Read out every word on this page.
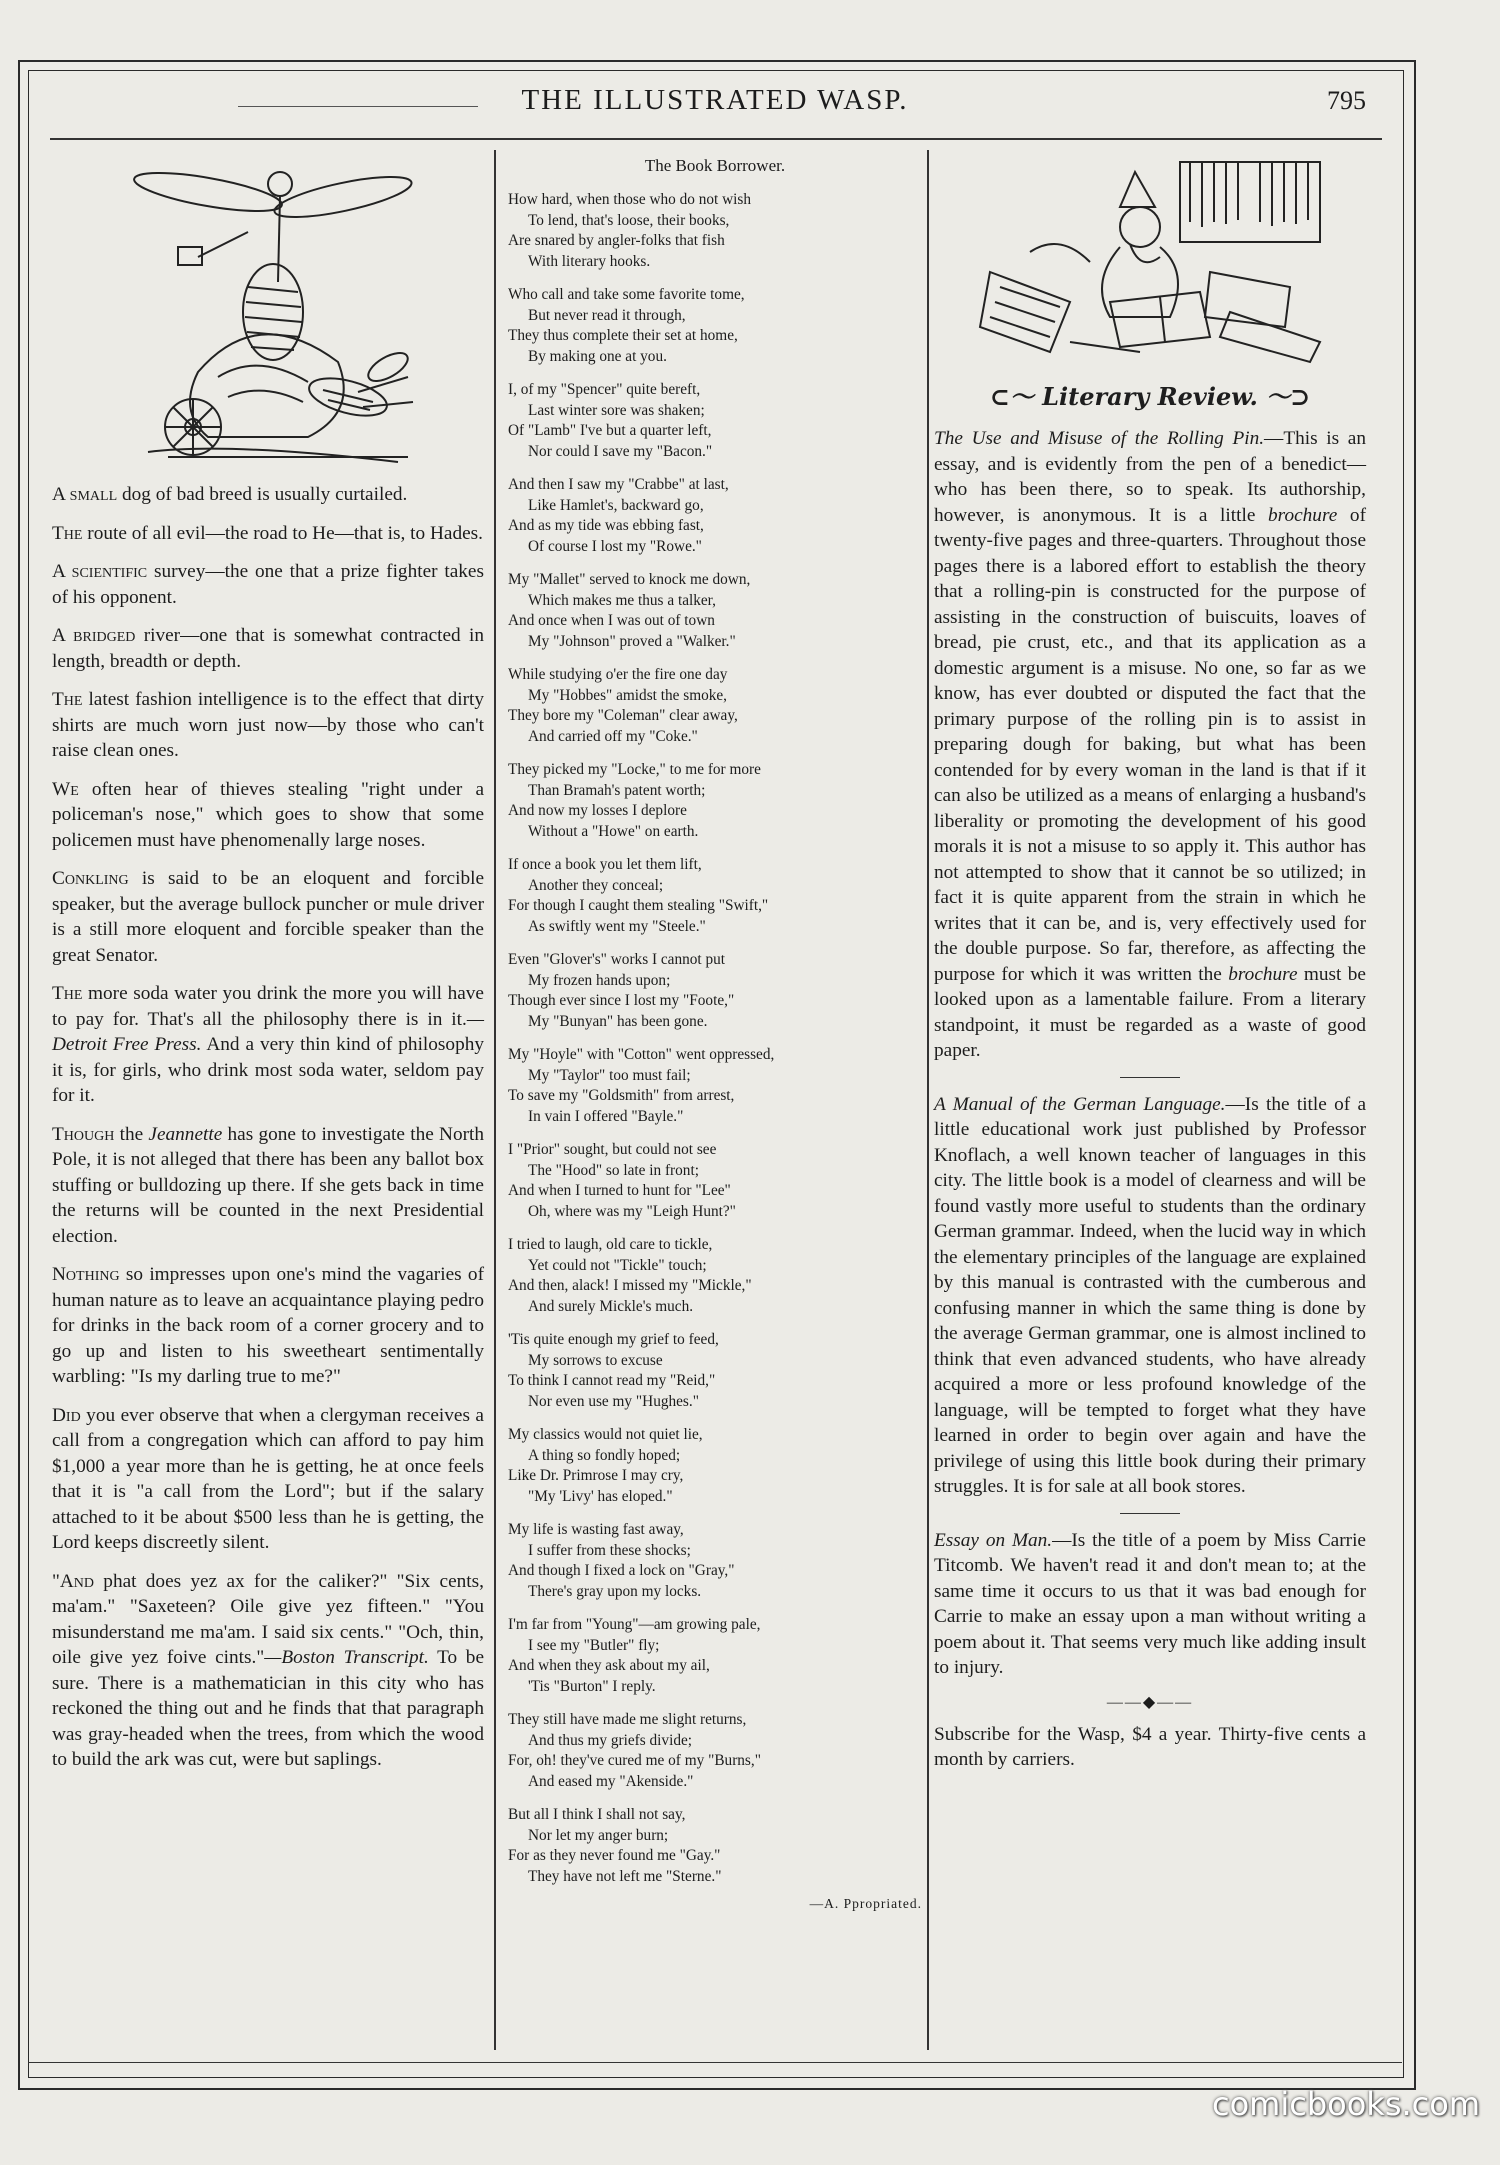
THE ILLUSTRATED WASP.	795

A small dog of bad breed is usually curtailed.

The route of all evil—the road to He—that is, to Hades.

A scientific survey—the one that a prize fighter takes of his opponent.

A bridged river—one that is somewhat contracted in length, breadth or depth.

The latest fashion intelligence is to the effect that dirty shirts are much worn just now—by those who can't raise clean ones.

We often hear of thieves stealing "right under a policeman's nose," which goes to show that some policemen must have phenomenally large noses.

Conkling is said to be an eloquent and forcible speaker, but the average bullock puncher or mule driver is a still more eloquent and forcible speaker than the great Senator.

The more soda water you drink the more you will have to pay for. That's all the philosophy there is in it.—Detroit Free Press. And a very thin kind of philosophy it is, for girls, who drink most soda water, seldom pay for it.

Though the Jeannette has gone to investigate the North Pole, it is not alleged that there has been any ballot box stuffing or bulldozing up there. If she gets back in time the returns will be counted in the next Presidential election.

Nothing so impresses upon one's mind the vagaries of human nature as to leave an acquaintance playing pedro for drinks in the back room of a corner grocery and to go up and listen to his sweetheart sentimentally warbling: "Is my darling true to me?"

Did you ever observe that when a clergyman receives a call from a congregation which can afford to pay him $1,000 a year more than he is getting, he at once feels that it is "a call from the Lord"; but if the salary attached to it be about $500 less than he is getting, the Lord keeps discreetly silent.

"And phat does yez ax for the caliker?" "Six cents, ma'am." "Saxeteen? Oile give yez fifteen." "You misunderstand me ma'am. I said six cents." "Och, thin, oile give yez foive cints."—Boston Transcript. To be sure. There is a mathematician in this city who has reckoned the thing out and he finds that that paragraph was gray-headed when the trees, from which the wood to build the ark was cut, were but saplings.

The Book Borrower.
How hard, when those who do not wish
To lend, that's loose, their books,
Are snared by angler-folks that fish
With literary hooks.
Who call and take some favorite tome,
But never read it through,
They thus complete their set at home,
By making one at you.
I, of my "Spencer" quite bereft,
Last winter sore was shaken;
Of "Lamb" I've but a quarter left,
Nor could I save my "Bacon."
And then I saw my "Crabbe" at last,
Like Hamlet's, backward go,
And as my tide was ebbing fast,
Of course I lost my "Rowe."
My "Mallet" served to knock me down,
Which makes me thus a talker,
And once when I was out of town
My "Johnson" proved a "Walker."
While studying o'er the fire one day
My "Hobbes" amidst the smoke,
They bore my "Coleman" clear away,
And carried off my "Coke."
They picked my "Locke," to me for more
Than Bramah's patent worth;
And now my losses I deplore
Without a "Howe" on earth.
If once a book you let them lift,
Another they conceal;
For though I caught them stealing "Swift,"
As swiftly went my "Steele."
Even "Glover's" works I cannot put
My frozen hands upon;
Though ever since I lost my "Foote,"
My "Bunyan" has been gone.
My "Hoyle" with "Cotton" went oppressed,
My "Taylor" too must fail;
To save my "Goldsmith" from arrest,
In vain I offered "Bayle."
I "Prior" sought, but could not see
The "Hood" so late in front;
And when I turned to hunt for "Lee"
Oh, where was my "Leigh Hunt?"
I tried to laugh, old care to tickle,
Yet could not "Tickle" touch;
And then, alack! I missed my "Mickle,"
And surely Mickle's much.
'Tis quite enough my grief to feed,
My sorrows to excuse
To think I cannot read my "Reid,"
Nor even use my "Hughes."
My classics would not quiet lie,
A thing so fondly hoped;
Like Dr. Primrose I may cry,
"My 'Livy' has eloped."
My life is wasting fast away,
I suffer from these shocks;
And though I fixed a lock on "Gray,"
There's gray upon my locks.
I'm far from "Young"—am growing pale,
I see my "Butler" fly;
And when they ask about my ail,
'Tis "Burton" I reply.
They still have made me slight returns,
And thus my griefs divide;
For, oh! they've cured me of my "Burns,"
And eased my "Akenside."
But all I think I shall not say,
Nor let my anger burn;
For as they never found me "Gay."
They have not left me "Sterne."
—A. Ppropriated.
⊂〜 Literary Review. 〜⊃

The Use and Misuse of the Rolling Pin.—This is an essay, and is evidently from the pen of a benedict—who has been there, so to speak. Its authorship, however, is anonymous. It is a little brochure of twenty-five pages and three-quarters. Throughout those pages there is a labored effort to establish the theory that a rolling-pin is constructed for the purpose of assisting in the construction of buiscuits, loaves of bread, pie crust, etc., and that its application as a domestic argument is a misuse. No one, so far as we know, has ever doubted or disputed the fact that the primary purpose of the rolling pin is to assist in preparing dough for baking, but what has been contended for by every woman in the land is that if it can also be utilized as a means of enlarging a husband's liberality or promoting the development of his good morals it is not a misuse to so apply it. This author has not attempted to show that it cannot be so utilized; in fact it is quite apparent from the strain in which he writes that it can be, and is, very effectively used for the double purpose. So far, therefore, as affecting the purpose for which it was written the brochure must be looked upon as a lamentable failure. From a literary standpoint, it must be regarded as a waste of good paper.

A Manual of the German Language.—Is the title of a little educational work just published by Professor Knoflach, a well known teacher of languages in this city. The little book is a model of clearness and will be found vastly more useful to students than the ordinary German grammar. Indeed, when the lucid way in which the elementary principles of the language are explained by this manual is contrasted with the cumberous and confusing manner in which the same thing is done by the average German grammar, one is almost inclined to think that even advanced students, who have already acquired a more or less profound knowledge of the language, will be tempted to forget what they have learned in order to begin over again and have the privilege of using this little book during their primary struggles. It is for sale at all book stores.

Essay on Man.—Is the title of a poem by Miss Carrie Titcomb. We haven't read it and don't mean to; at the same time it occurs to us that it was bad enough for Carrie to make an essay upon a man without writing a poem about it. That seems very much like adding insult to injury.

——◆——

Subscribe for the Wasp, $4 a year. Thirty-five cents a month by carriers.

comicbooks.com
